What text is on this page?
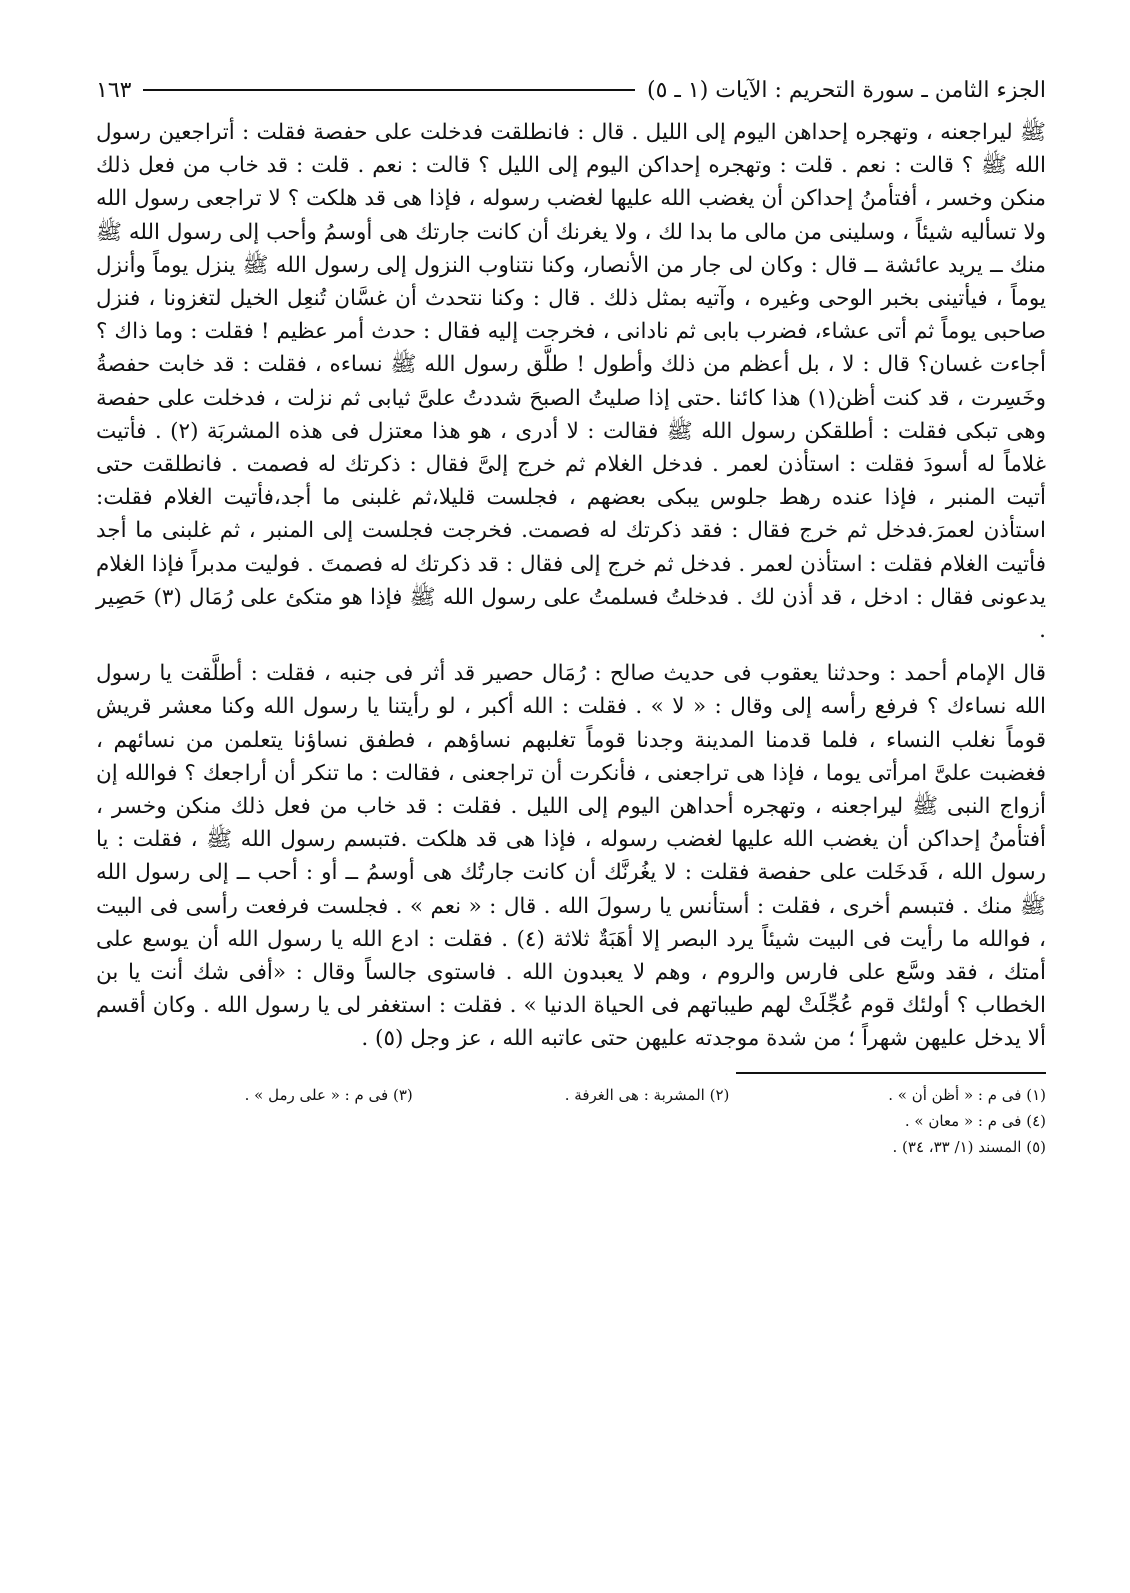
الجزء الثامن ـ سورة التحريم : الآيات (١ ـ ٥)
١٦٣

ﷺ ليراجعنه ، وتهجره إحداهن اليوم إلى الليل . قال : فانطلقت فدخلت على حفصة فقلت : أتراجعين رسول الله ﷺ ؟ قالت : نعم . قلت : وتهجره إحداكن اليوم إلى الليل ؟ قالت : نعم . قلت : قد خاب من فعل ذلك منكن وخسر ، أفتأمنُ إحداكن أن يغضب الله عليها لغضب رسوله ، فإذا هى قد هلكت ؟ لا تراجعى رسول الله ولا تسأليه شيئاً ، وسلينى من مالى ما بدا لك ، ولا يغرنك أن كانت جارتك هى أوسمُ وأحب إلى رسول الله ﷺ منك ــ يريد عائشة ــ قال : وكان لى جار من الأنصار، وكنا نتناوب النزول إلى رسول الله ﷺ ينزل يوماً وأنزل يوماً ، فيأتينى بخبر الوحى وغيره ، وآتيه بمثل ذلك . قال : وكنا نتحدث أن غسَّان تُنعِل الخيل لتغزونا ، فنزل صاحبى يوماً ثم أتى عشاء، فضرب بابى ثم نادانى ، فخرجت إليه فقال : حدث أمر عظيم ! فقلت : وما ذاك ؟ أجاءت غسان؟ قال : لا ، بل أعظم من ذلك وأطول ! طلَّق رسول الله ﷺ نساءه ، فقلت : قد خابت حفصةُ وخَسِرت ، قد كنت أظن(١) هذا كائنا .حتى إذا صليتُ الصبحَ شددتُ علىَّ ثيابى ثم نزلت ، فدخلت على حفصة وهى تبكى فقلت : أطلقكن رسول الله ﷺ فقالت : لا أدرى ، هو هذا معتزل فى هذه المشربَة (٢) . فأتيت غلاماً له أسودَ فقلت : استأذن لعمر . فدخل الغلام ثم خرج إلىَّ فقال : ذكرتك له فصمت . فانطلقت حتى أتيت المنبر ، فإذا عنده رهط جلوس يبكى بعضهم ، فجلست قليلا،ثم غلبنى ما أجد،فأتيت الغلام فقلت: استأذن لعمرَ.فدخل ثم خرج فقال : فقد ذكرتك له فصمت. فخرجت فجلست إلى المنبر ، ثم غلبنى ما أجد فأتيت الغلام فقلت : استأذن لعمر . فدخل ثم خرج إلى فقال : قد ذكرتك له فصمتَ . فوليت مدبراً فإذا الغلام يدعونى فقال : ادخل ، قد أذن لك . فدخلتُ فسلمتُ على رسول الله ﷺ فإذا هو متكئ على رُمَال (٣) حَصِير .

قال الإمام أحمد : وحدثنا يعقوب فى حديث صالح : رُمَال حصير قد أثر فى جنبه ، فقلت : أطلَّقت يا رسول الله نساءك ؟ فرفع رأسه إلى وقال : « لا » . فقلت : الله أكبر ، لو رأيتنا يا رسول الله وكنا معشر قريش قوماً نغلب النساء ، فلما قدمنا المدينة وجدنا قوماً تغلبهم نساؤهم ، فطفق نساؤنا يتعلمن من نسائهم ، فغضبت علىَّ امرأتى يوما ، فإذا هى تراجعنى ، فأنكرت أن تراجعنى ، فقالت : ما تنكر أن أراجعك ؟ فوالله إن أزواج النبى ﷺ ليراجعنه ، وتهجره أحداهن اليوم إلى الليل . فقلت : قد خاب من فعل ذلك منكن وخسر ، أفتأمنُ إحداكن أن يغضب الله عليها لغضب رسوله ، فإذا هى قد هلكت .فتبسم رسول الله ﷺ ، فقلت : يا رسول الله ، فَدخَلت على حفصة فقلت : لا يغُرنَّك أن كانت جارتُك هى أوسمُ ــ أو : أحب ــ إلى رسول الله ﷺ منك . فتبسم أخرى ، فقلت : أستأنس يا رسولَ الله . قال : « نعم » . فجلست فرفعت رأسى فى البيت ، فوالله ما رأيت فى البيت شيئاً يرد البصر إلا أهَبَةٌ ثلاثة (٤) . فقلت : ادع الله يا رسول الله أن يوسع على أمتك ، فقد وسَّع على فارس والروم ، وهم لا يعبدون الله . فاستوى جالساً وقال : «أفى شك أنت يا بن الخطاب ؟ أولئك قوم عُجِّلَتْ لهم طيباتهم فى الحياة الدنيا » . فقلت : استغفر لى يا رسول الله . وكان أقسم ألا يدخل عليهن شهراً ؛ من شدة موجدته عليهن حتى عاتبه الله ، عز وجل (٥) .

(١) فى م : « أظن أن » .
(٢) المشربة : هى الغرفة .
(٣) فى م : « على رمل » .
(٤) فى م : « معان » .
(٥) المسند (١/ ٣٣، ٣٤) .
